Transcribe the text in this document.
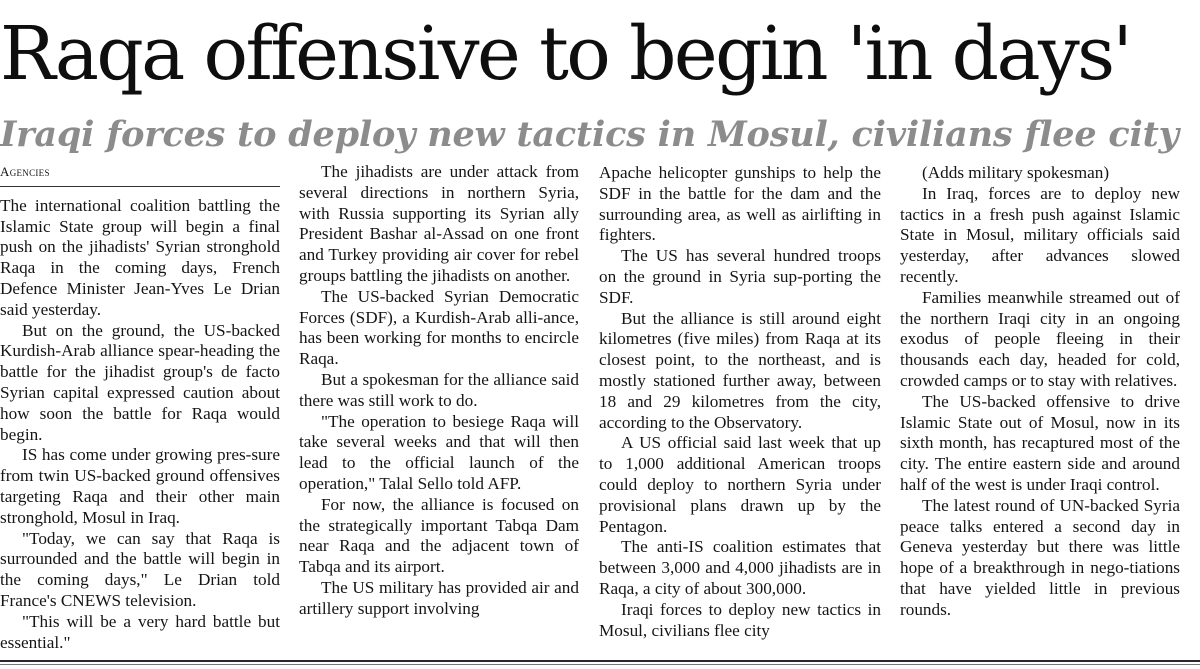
Raqa offensive to begin 'in days'
Iraqi forces to deploy new tactics in Mosul, civilians flee city

Agencies

The international coalition battling the Islamic State group will begin a final push on the jihadists' Syrian stronghold Raqa in the coming days, French Defence Minister Jean-Yves Le Drian said yesterday.

But on the ground, the US-backed Kurdish-Arab alliance spear-heading the battle for the jihadist group's de facto Syrian capital expressed caution about how soon the battle for Raqa would begin.

IS has come under growing pres-sure from twin US-backed ground offensives targeting Raqa and their other main stronghold, Mosul in Iraq.

"Today, we can say that Raqa is surrounded and the battle will begin in the coming days," Le Drian told France's CNEWS television.

"This will be a very hard battle but essential."

The jihadists are under attack from several directions in northern Syria, with Russia supporting its Syrian ally President Bashar al-Assad on one front and Turkey providing air cover for rebel groups battling the jihadists on another.

The US-backed Syrian Democratic Forces (SDF), a Kurdish-Arab alli-ance, has been working for months to encircle Raqa.

But a spokesman for the alliance said there was still work to do.

"The operation to besiege Raqa will take several weeks and that will then lead to the official launch of the operation," Talal Sello told AFP.

For now, the alliance is focused on the strategically important Tabqa Dam near Raqa and the adjacent town of Tabqa and its airport.

The US military has provided air and artillery support involving

Apache helicopter gunships to help the SDF in the battle for the dam and the surrounding area, as well as airlifting in fighters.

The US has several hundred troops on the ground in Syria sup-porting the SDF.

But the alliance is still around eight kilometres (five miles) from Raqa at its closest point, to the northeast, and is mostly stationed further away, between 18 and 29 kilometres from the city, according to the Observatory.

A US official said last week that up to 1,000 additional American troops could deploy to northern Syria under provisional plans drawn up by the Pentagon.

The anti-IS coalition estimates that between 3,000 and 4,000 jihadists are in Raqa, a city of about 300,000.

Iraqi forces to deploy new tactics in Mosul, civilians flee city

(Adds military spokesman)

In Iraq, forces are to deploy new tactics in a fresh push against Islamic State in Mosul, military officials said yesterday, after advances slowed recently.

Families meanwhile streamed out of the northern Iraqi city in an ongoing exodus of people fleeing in their thousands each day, headed for cold, crowded camps or to stay with relatives.

The US-backed offensive to drive Islamic State out of Mosul, now in its sixth month, has recaptured most of the city. The entire eastern side and around half of the west is under Iraqi control.

The latest round of UN-backed Syria peace talks entered a second day in Geneva yesterday but there was little hope of a breakthrough in nego-tiations that have yielded little in previous rounds.
